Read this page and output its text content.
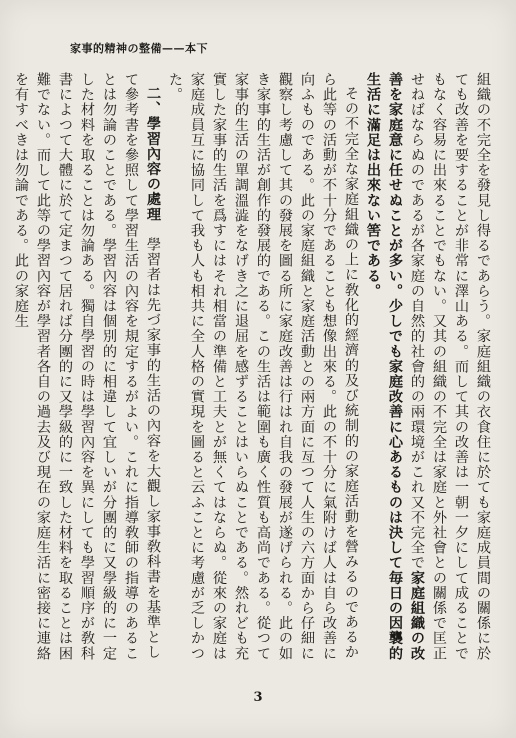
家事的精神の整備——本下

組織の不完全を發見し得るであらう。家庭組織の衣食住に於ても家庭成員間の關係に於ても改善を要することが非常に澤山ある。而して其の改善は一朝一夕にして成ることでもなく容易に出來ることでもない。又其の組織の不完全は家庭と外社會との關係で匡正せねばならぬのであるが各家庭の自然的社會的の兩環境がこれ又不完全で家庭組織の改善を家庭意に任せぬことが多い。少しでも家庭改善に心あるものは決して毎日の因襲的生活に滿足は出來ない筈である。

その不完全な家庭組織の上に敎化的經濟的及び統制的の家庭活動を營みるのであるから此等の活動が不十分であることも想像出來る。此の不十分に氣附けば人は自ら改善に向ふものである。此の家庭組織と家庭活動との兩方面に亙つて人生の六方面から仔細に觀察し考慮して其の發展を圖る所に家庭改善は行はれ自我の發展が遂げられる。此の如き家事的生活が創作的發展的である。この生活は範圍も廣く性質も高尚である。從つて家事的生活の單調溫澁をなげき之に退屈を感ずることはいらぬことである。然れども充實した家事的生活を爲すにはそれ相當の準備と工夫とが無くてはならぬ。從來の家庭は家庭成員互に協同して我も人も相共に全人格の實現を圖ると云ふことに考慮が乏しかつた。

二、學習內容の處理　學習者は先づ家事的生活の內容を大觀し家事敎科書を基準として參考書を參照して學習生活の內容を規定するがよい。これに指導敎師の指導のあることは勿論のことである。學習內容は個別的に相違して宜しいが分團的に又學級的に一定した材料を取ることは勿論ある。獨自學習の時は學習內容を異にしても學習順序が敎科書によつて大體に於て定まつて居れば分團的に又學級的に一致した材料を取ることは困難でない。而して此等の學習內容が學習者各自の過去及び現在の家庭生活に密接に連絡を有すべきは勿論である。此の家庭生

3
